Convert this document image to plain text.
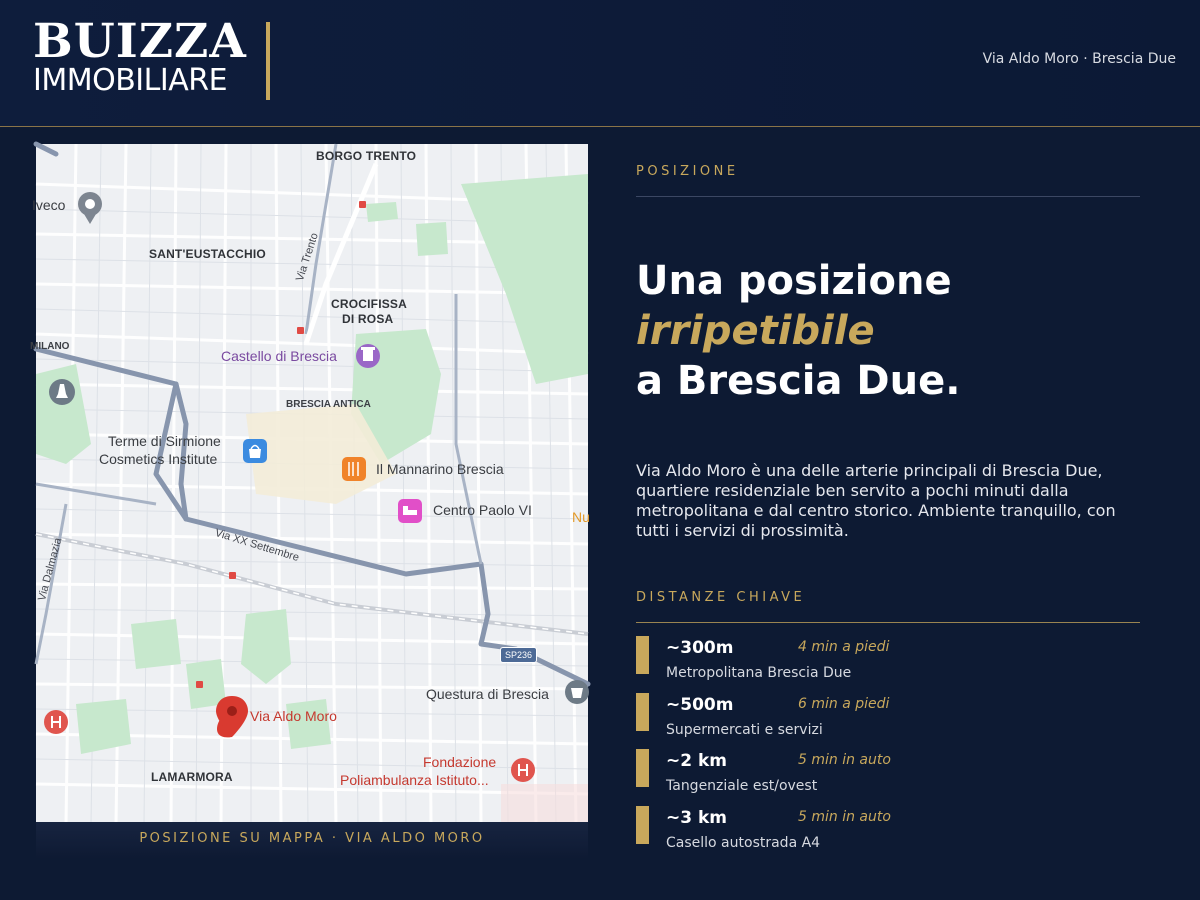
BUIZZA
IMMOBILIARE
Via Aldo Moro · Brescia Due
BORGO TRENTO
Iveco
SANT'EUSTACCHIO	Via Trento
CROCIFISSA
DI ROSA
MILANO
Castello di Brescia
BRESCIA ANTICA
Terme di Sirmione
Cosmetics Institute
Il Mannarino Brescia
Centro Paolo VI	Nu
Via XX Settembre
Via Dalmazia
SP236
Questura di Brescia
Via Aldo Moro
Fondazione
Poliambulanza Istituto...
LAMARMORA
POSIZIONE SU MAPPA · VIA ALDO MORO
POSIZIONE
Una posizione
irripetibile
a Brescia Due.

Via Aldo Moro è una delle arterie principali di Brescia Due, quartiere residenziale ben servito a pochi minuti dalla metropolitana e dal centro storico. Ambiente tranquillo, con tutti i servizi di prossimità.

DISTANZE CHIAVE
~300m	4 min a piedi
Metropolitana Brescia Due
~500m	6 min a piedi
Supermercati e servizi
~2 km	5 min in auto
Tangenziale est/ovest
~3 km	5 min in auto
Casello autostrada A4
